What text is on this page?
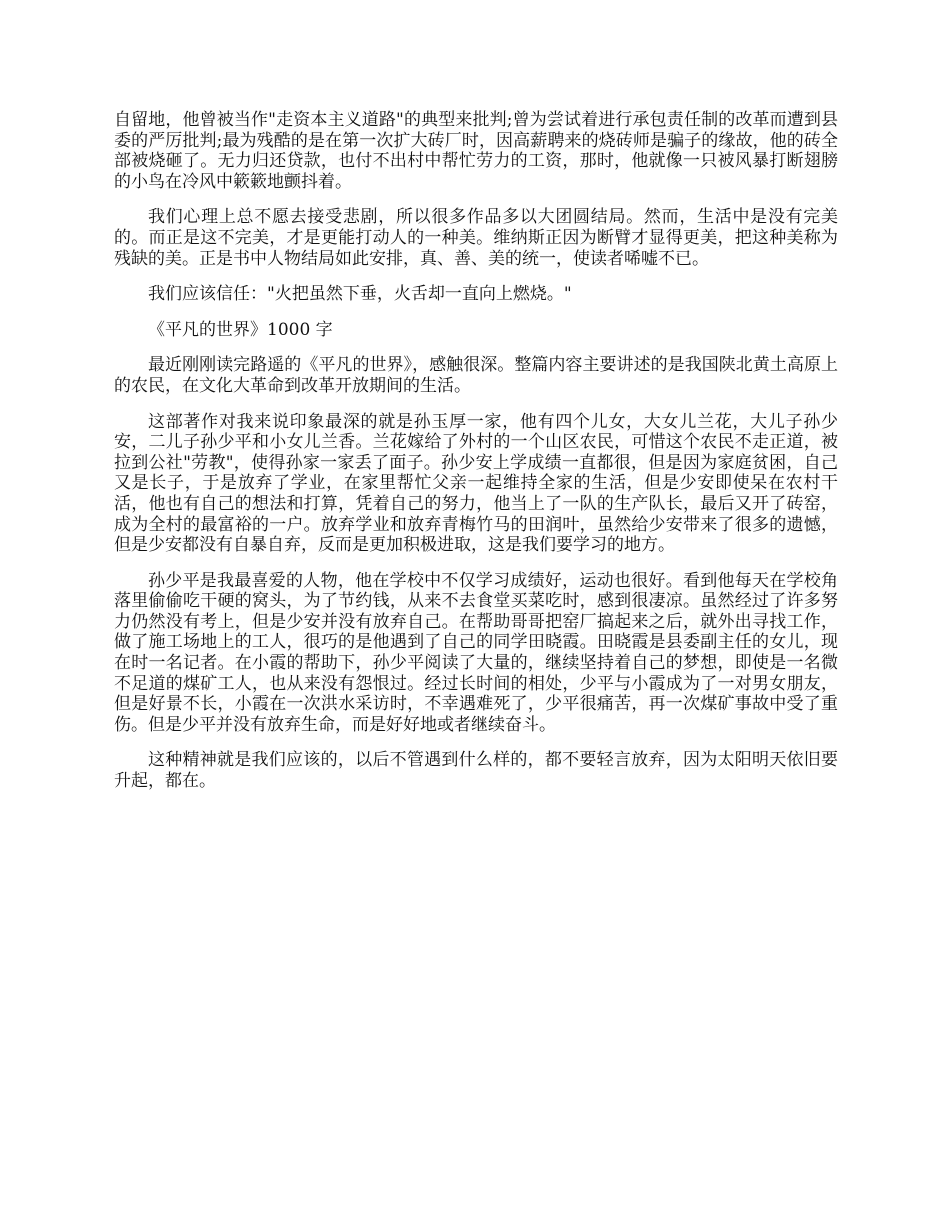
自留地，他曾被当作"走资本主义道路"的典型来批判;曾为尝试着进行承包责任制的改革而遭到县委的严厉批判;最为残酷的是在第一次扩大砖厂时，因高薪聘来的烧砖师是骗子的缘故，他的砖全部被烧砸了。无力归还贷款，也付不出村中帮忙劳力的工资，那时，他就像一只被风暴打断翅膀的小鸟在冷风中簌簌地颤抖着。

我们心理上总不愿去接受悲剧，所以很多作品多以大团圆结局。然而，生活中是没有完美的。而正是这不完美，才是更能打动人的一种美。维纳斯正因为断臂才显得更美，把这种美称为残缺的美。正是书中人物结局如此安排，真、善、美的统一，使读者唏嘘不已。

我们应该信任："火把虽然下垂，火舌却一直向上燃烧。"

《平凡的世界》1000 字

最近刚刚读完路遥的《平凡的世界》，感触很深。整篇内容主要讲述的是我国陕北黄土高原上的农民，在文化大革命到改革开放期间的生活。

这部著作对我来说印象最深的就是孙玉厚一家，他有四个儿女，大女儿兰花，大儿子孙少安，二儿子孙少平和小女儿兰香。兰花嫁给了外村的一个山区农民，可惜这个农民不走正道，被拉到公社"劳教"，使得孙家一家丢了面子。孙少安上学成绩一直都很，但是因为家庭贫困，自己又是长子，于是放弃了学业，在家里帮忙父亲一起维持全家的生活，但是少安即使呆在农村干活，他也有自己的想法和打算，凭着自己的努力，他当上了一队的生产队长，最后又开了砖窑，成为全村的最富裕的一户。放弃学业和放弃青梅竹马的田润叶，虽然给少安带来了很多的遗憾，但是少安都没有自暴自弃，反而是更加积极进取，这是我们要学习的地方。

孙少平是我最喜爱的人物，他在学校中不仅学习成绩好，运动也很好。看到他每天在学校角落里偷偷吃干硬的窝头，为了节约钱，从来不去食堂买菜吃时，感到很凄凉。虽然经过了许多努力仍然没有考上，但是少安并没有放弃自己。在帮助哥哥把窑厂搞起来之后，就外出寻找工作，做了施工场地上的工人，很巧的是他遇到了自己的同学田晓霞。田晓霞是县委副主任的女儿，现在时一名记者。在小霞的帮助下，孙少平阅读了大量的，继续坚持着自己的梦想，即使是一名微不足道的煤矿工人，也从来没有怨恨过。经过长时间的相处，少平与小霞成为了一对男女朋友，但是好景不长，小霞在一次洪水采访时，不幸遇难死了，少平很痛苦，再一次煤矿事故中受了重伤。但是少平并没有放弃生命，而是好好地或者继续奋斗。

这种精神就是我们应该的，以后不管遇到什么样的，都不要轻言放弃，因为太阳明天依旧要升起，都在。
